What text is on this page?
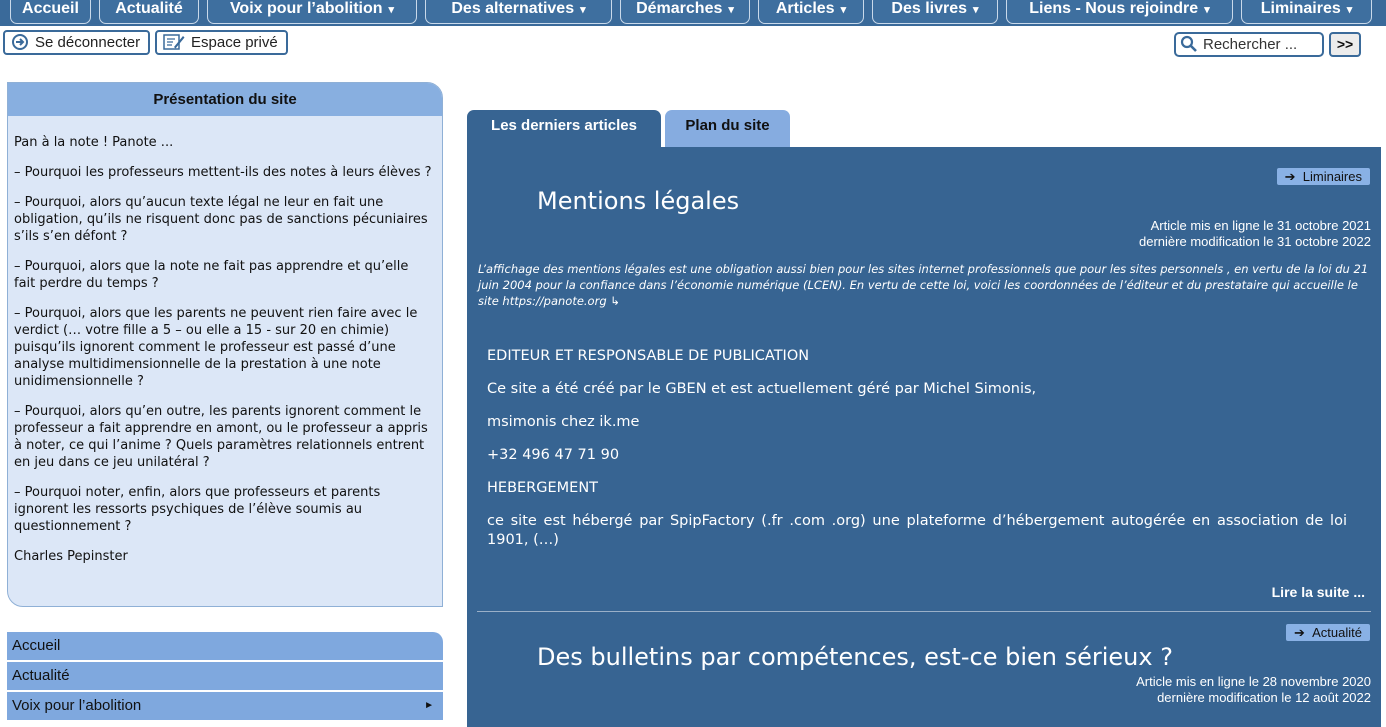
Accueil	Actualité	Voix pour l’abolition ▾	Des alternatives ▾	Démarches ▾	Articles ▾	Des livres ▾	Liens - Nous rejoindre ▾	Liminaires ▾
Se déconnecter	Espace privé	Rechercher ...	>>
Présentation du site

Pan à la note ! Panote ...

– Pourquoi les professeurs mettent-ils des notes à leurs élèves ?

– Pourquoi, alors qu’aucun texte légal ne leur en fait une obligation, qu’ils ne risquent donc pas de sanctions pécuniaires s’ils s’en défont ?

– Pourquoi, alors que la note ne fait pas apprendre et qu’elle fait perdre du temps ?

– Pourquoi, alors que les parents ne peuvent rien faire avec le verdict (… votre fille a 5 – ou elle a 15 - sur 20 en chimie) puisqu’ils ignorent comment le professeur est passé d’une analyse multidimensionnelle de la prestation à une note unidimensionnelle ?

– Pourquoi, alors qu’en outre, les parents ignorent comment le professeur a fait apprendre en amont, ou le professeur a appris à noter, ce qui l’anime ? Quels paramètres relationnels entrent en jeu dans ce jeu unilatéral ?

– Pourquoi noter, enfin, alors que professeurs et parents ignorent les ressorts psychiques de l’élève soumis au questionnement ?

Charles Pepinster

Accueil
Actualité
Voix pour l’abolition	►
Les derniers articles	Plan du site
➔ Liminaires
Mentions légales
Article mis en ligne le 31 octobre 2021
dernière modification le 31 octobre 2022
L’affichage des mentions légales est une obligation aussi bien pour les sites internet professionnels que pour les sites personnels , en vertu de la loi du 21 juin 2004 pour la confiance dans l’économie numérique (LCEN). En vertu de cette loi, voici les coordonnées de l’éditeur et du prestataire qui accueille le site https://panote.org ↳

EDITEUR ET RESPONSABLE DE PUBLICATION

Ce site a été créé par le GBEN et est actuellement géré par Michel Simonis,

msimonis chez ik.me

+32 496 47 71 90

HEBERGEMENT

ce site est hébergé par SpipFactory (.fr .com .org) une plateforme d’hébergement autogérée en association de loi 1901, (…)

Lire la suite ...
➔ Actualité
Des bulletins par compétences, est-ce bien sérieux ?
Article mis en ligne le 28 novembre 2020
dernière modification le 12 août 2022
